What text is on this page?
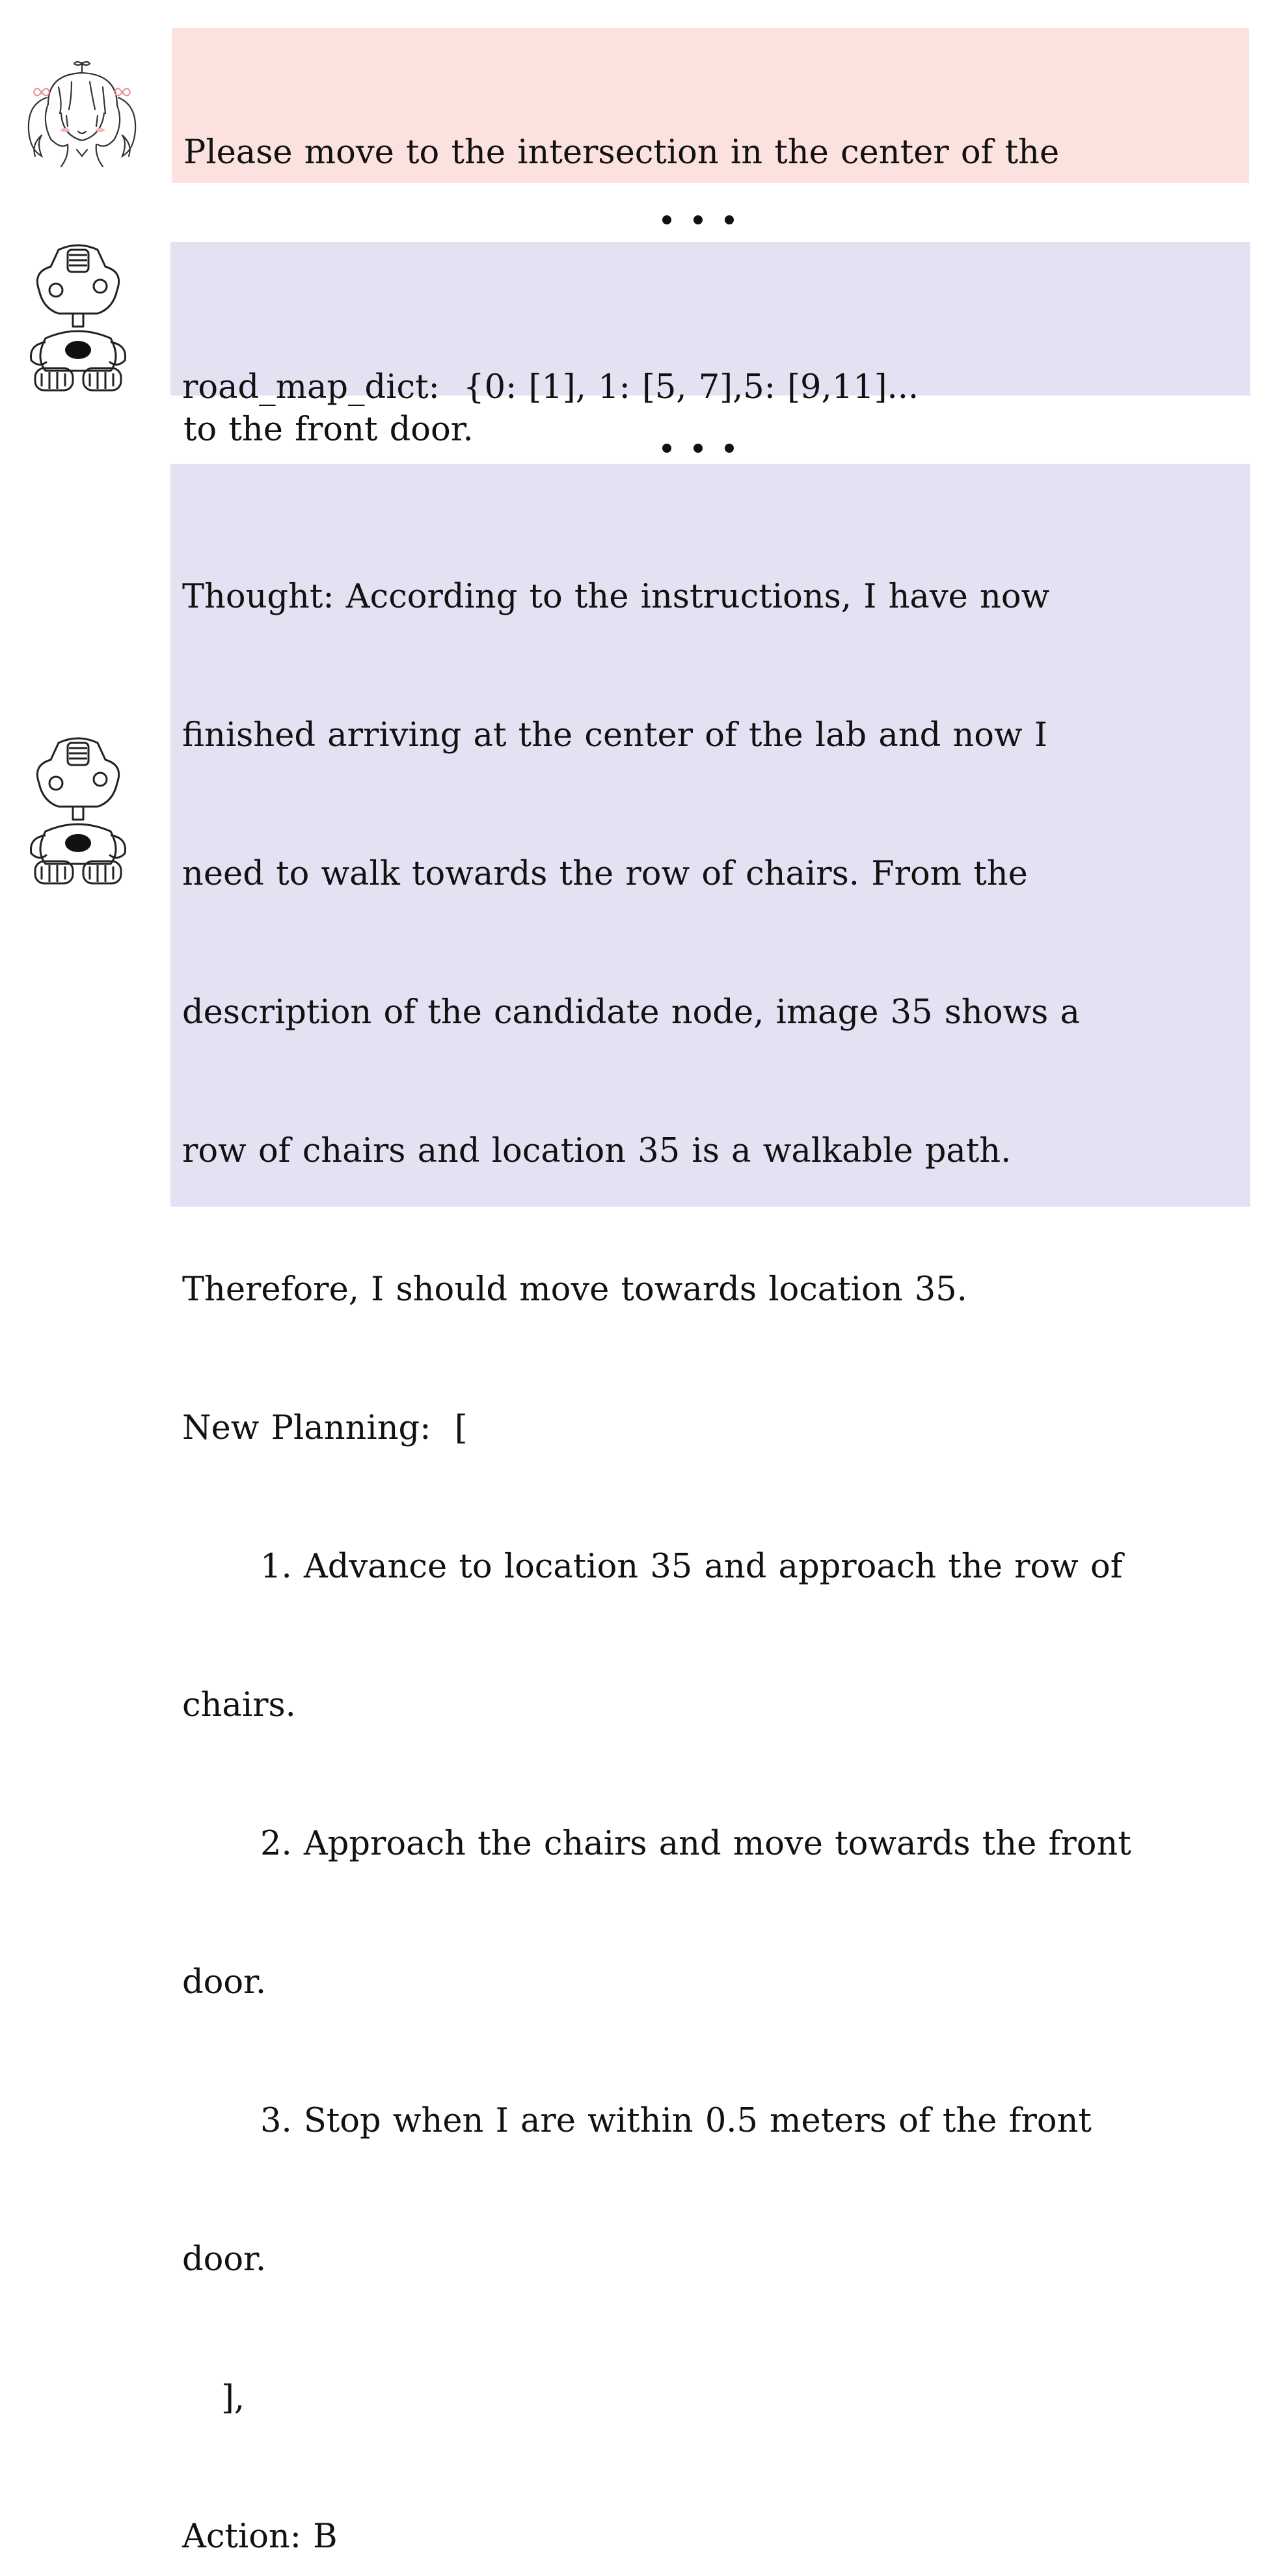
Please move to the intersection in the center of the

to the front door.

road_map_dict:  {0: [1], 1: [5, 7],5: [9,11]...

Thought: According to the instructions, I have now

finished arriving at the center of the lab and now I

need to walk towards the row of chairs. From the

description of the candidate node, image 35 shows a

row of chairs and location 35 is a walkable path.

Therefore, I should move towards location 35.

New Planning:  [

1. Advance to location 35 and approach the row of

chairs.

2. Approach the chairs and move towards the front

door.

3. Stop when I are within 0.5 meters of the front

door.

],

Action: B
